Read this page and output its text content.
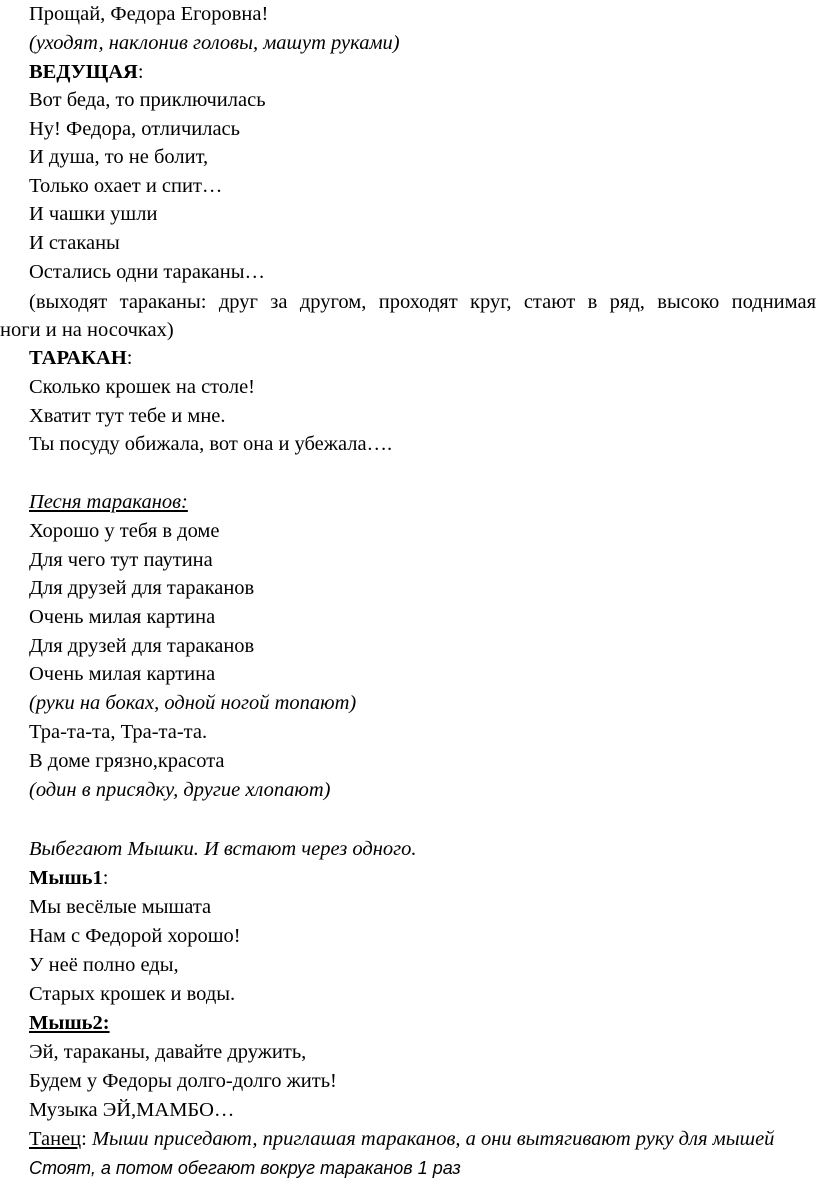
Прощай, Федора Егоровна!
(уходят, наклонив головы, машут руками)
ВЕДУЩАЯ:
Вот беда, то приключилась
Ну! Федора, отличилась
И душа, то не болит,
Только охает и спит…
И чашки ушли
И стаканы
Остались одни тараканы…
(выходят тараканы: друг за другом, проходят круг, стают в ряд, высоко поднимая
ноги и на носочках)
ТАРАКАН:
Сколько крошек на столе!
Хватит тут тебе и мне.
Ты посуду обижала, вот она и убежала….
Песня тараканов:
Хорошо у тебя в доме
Для чего тут паутина
Для друзей для тараканов
Очень милая картина
Для друзей для тараканов
Очень милая картина
(руки на боках, одной ногой топают)
Тра-та-та, Тра-та-та.
В доме грязно,красота
(один в присядку, другие хлопают)
Выбегают Мышки. И встают через одного.
Мышь1:
Мы весёлые мышата
Нам с Федорой хорошо!
У неё полно еды,
Старых крошек и воды.
Мышь2:
Эй, тараканы, давайте дружить,
Будем у Федоры долго-долго жить!
Музыка ЭЙ,МАМБО…
Танец: Мыши приседают, приглашая тараканов, а они вытягивают руку для мышей
Стоят, а потом обегают вокруг тараканов 1 раз
